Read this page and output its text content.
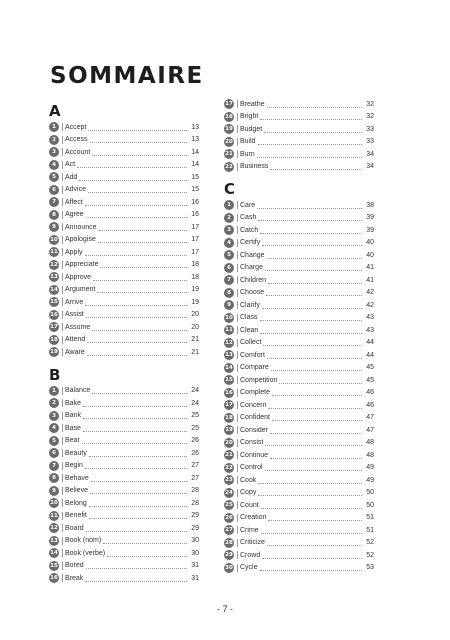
SOMMAIRE
A
1	Accept	13
2	Access	13
3	Account	14
4	Act	14
5	Add	15
6	Advice	15
7	Affect	16
8	Agree	16
9	Announce	17
10 Apologise	17
11 Apply	17
12 Appreciate	18
13 Approve	18
14 Argument	19
15 Arrive	19
16 Assist	20
17 Assume	20
18 Attend	21
19 Aware	21
B
1	Balance	24
2	Bake	24
3	Bank	25
4	Base	25
5	Bear	26
6	Beauty	26
7	Begin	27
8	Behave	27
9	Believe	28
10 Belong	28
11 Benefit	29
12 Board	29
13 Book (nom)	30
14 Book (verbe)	30
15 Bored	31
16 Break	31
17 Breathe	32
18 Bright	32
19 Budget	33
20 Build	33
21 Burn	34
22 Business	34
C
1	Care	38
2	Cash	39
3	Catch	39
4	Certify	40
5	Change	40
6	Charge	41
7	Children	41
8	Choose	42
9	Clarify	42
10 Class	43
11 Clean	43
12 Collect	44
13 Comfort	44
14 Compare	45
15 Competition	45
16 Complete	46
17 Concern	46
18 Confident	47
19 Consider	47
20 Consist	48
21 Continue	48
22 Control	49
23 Cook	49
24 Copy	50
25 Count	50
26 Creation	51
27 Crime	51
28 Criticize	52
29 Crowd	52
30 Cycle	53
- 7 -
